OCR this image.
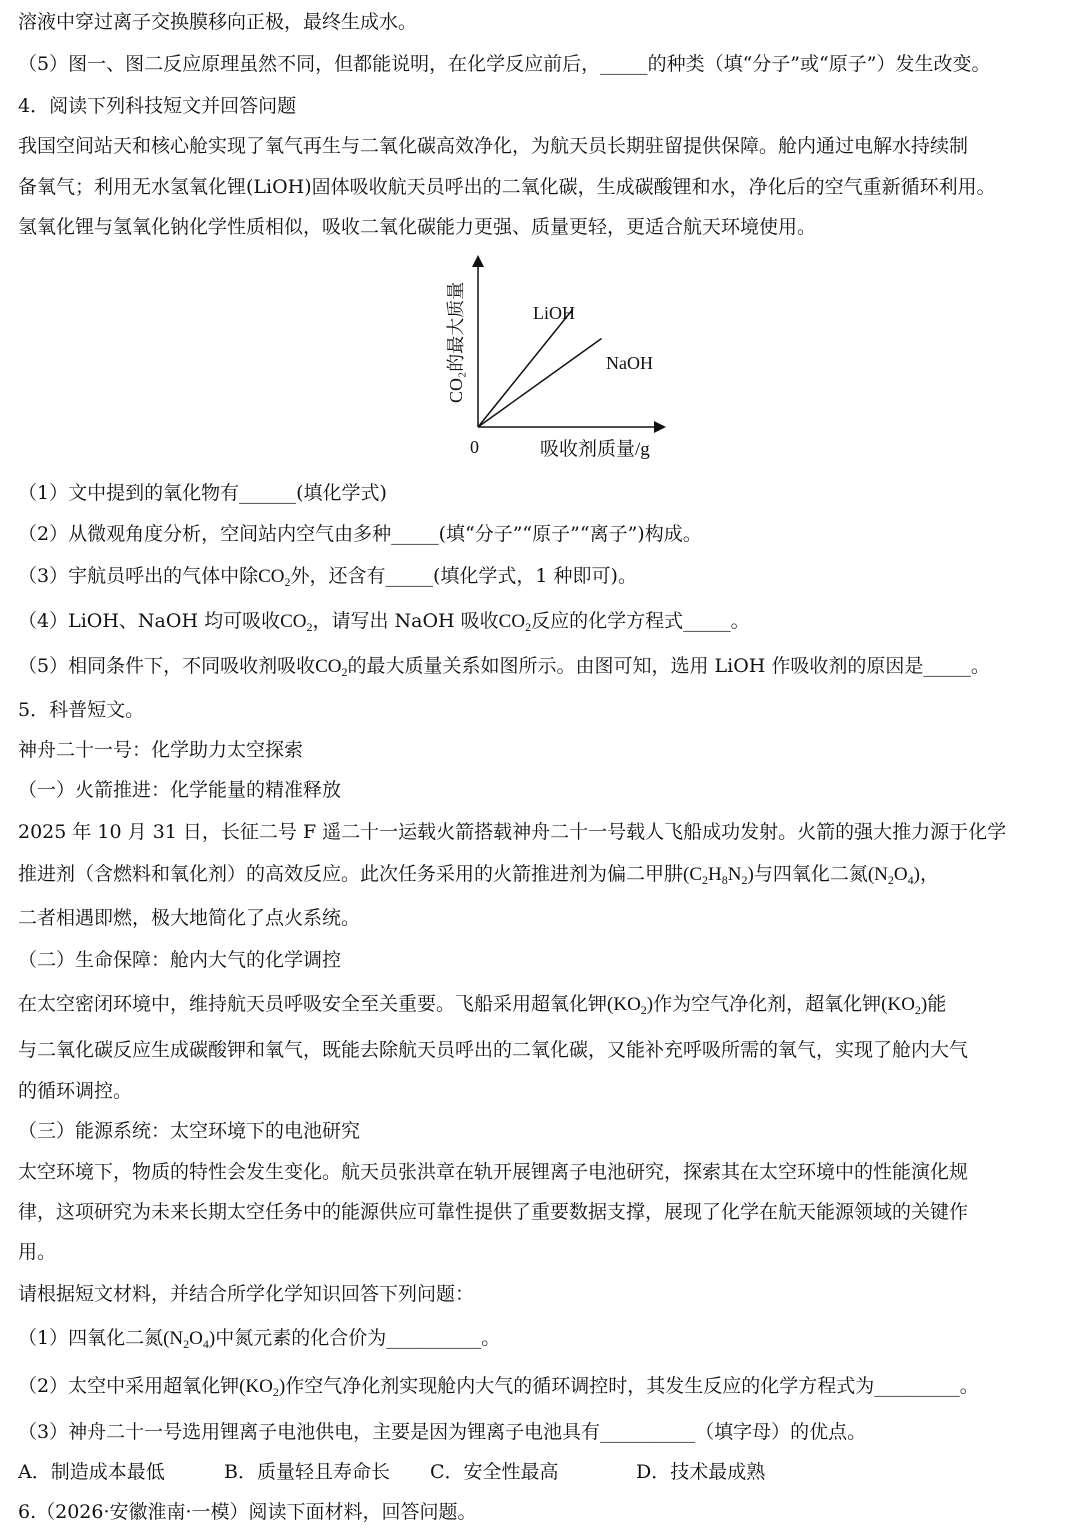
溶液中穿过离子交换膜移向正极，最终生成水。
（5）图一、图二反应原理虽然不同，但都能说明，在化学反应前后，_____的种类（填“分子”或“原子”）发生改变。
4．阅读下列科技短文并回答问题
我国空间站天和核心舱实现了氧气再生与二氧化碳高效净化，为航天员长期驻留提供保障。舱内通过电解水持续制
备氧气；利用无水氢氧化锂(LiOH)固体吸收航天员呼出的二氧化碳，生成碳酸锂和水，净化后的空气重新循环利用。
氢氧化锂与氢氧化钠化学性质相似，吸收二氧化碳能力更强、质量更轻，更适合航天环境使用。
LiOH
NaOH
0	吸收剂质量/g
CO₂的最大质量
（1）文中提到的氧化物有______(填化学式)
（2）从微观角度分析，空间站内空气由多种_____(填“分子”“原子”“离子”)构成。
（3）宇航员呼出的气体中除$CO_2$外，还含有_____(填化学式，1 种即可)。
（4）LiOH、NaOH 均可吸收$CO_2$，请写出 NaOH 吸收$CO_2$反应的化学方程式_____。
（5）相同条件下，不同吸收剂吸收$CO_2$的最大质量关系如图所示。由图可知，选用 LiOH 作吸收剂的原因是_____。
5．科普短文。
神舟二十一号：化学助力太空探索
（一）火箭推进：化学能量的精准释放
2025 年 10 月 31 日，长征二号 F 遥二十一运载火箭搭载神舟二十一号载人飞船成功发射。火箭的强大推力源于化学
推进剂（含燃料和氧化剂）的高效反应。此次任务采用的火箭推进剂为偏二甲肼$(C_2H_8N_2)$与四氧化二氮$(N_2O_4)$，
二者相遇即燃，极大地简化了点火系统。
（二）生命保障：舱内大气的化学调控
在太空密闭环境中，维持航天员呼吸安全至关重要。飞船采用超氧化钾$(KO_2)$作为空气净化剂，超氧化钾$(KO_2)$能
与二氧化碳反应生成碳酸钾和氧气，既能去除航天员呼出的二氧化碳，又能补充呼吸所需的氧气，实现了舱内大气
的循环调控。
（三）能源系统：太空环境下的电池研究
太空环境下，物质的特性会发生变化。航天员张洪章在轨开展锂离子电池研究，探索其在太空环境中的性能演化规
律，这项研究为未来长期太空任务中的能源供应可靠性提供了重要数据支撑，展现了化学在航天能源领域的关键作
用。
请根据短文材料，并结合所学化学知识回答下列问题：
（1）四氧化二氮$(N_2O_4)$中氮元素的化合价为__________。
（2）太空中采用超氧化钾$(KO_2)$作空气净化剂实现舱内大气的循环调控时，其发生反应的化学方程式为_________。
（3）神舟二十一号选用锂离子电池供电，主要是因为锂离子电池具有__________（填字母）的优点。
A．制造成本最低	B．质量轻且寿命长 C．安全性最高	D．技术最成熟
6.（2026·安徽淮南·一模）阅读下面材料，回答问题。
